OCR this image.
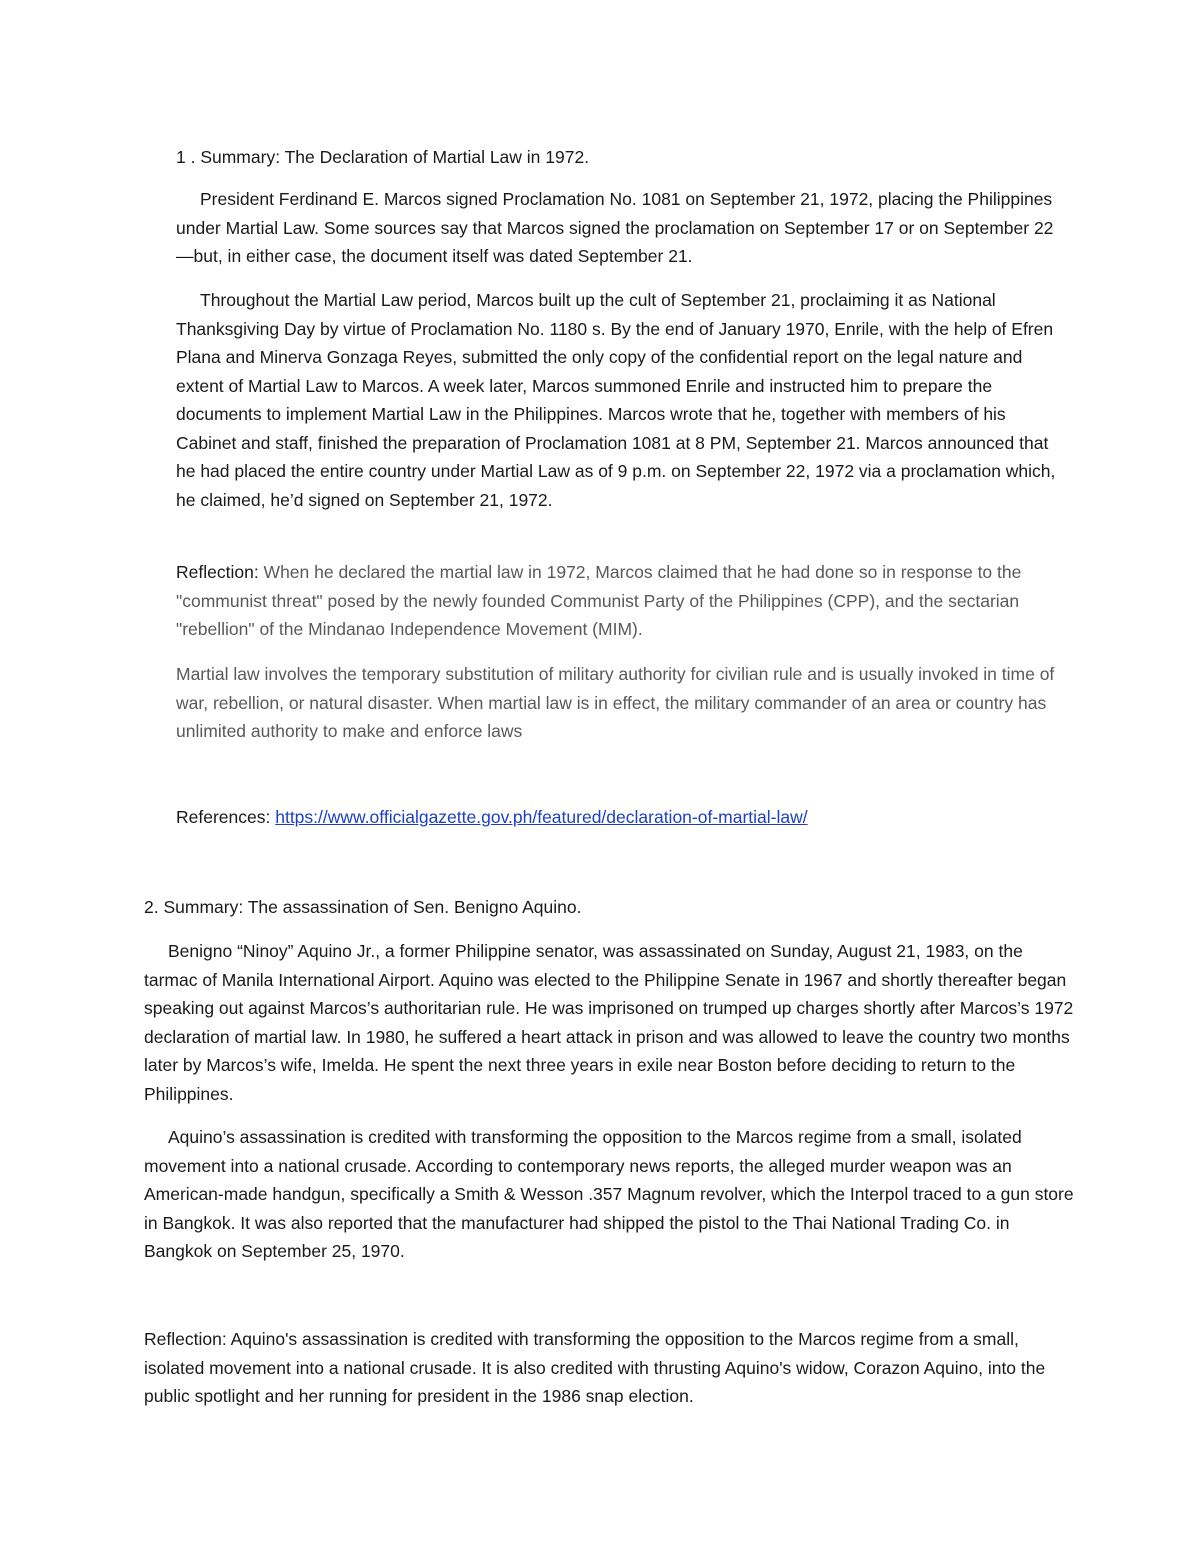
1 . Summary: The Declaration of Martial Law in 1972.

President Ferdinand E. Marcos signed Proclamation No. 1081 on September 21, 1972, placing the Philippines under Martial Law. Some sources say that Marcos signed the proclamation on September 17 or on September 22—but, in either case, the document itself was dated September 21.

Throughout the Martial Law period, Marcos built up the cult of September 21, proclaiming it as National Thanksgiving Day by virtue of Proclamation No. 1180 s. By the end of January 1970, Enrile, with the help of Efren Plana and Minerva Gonzaga Reyes, submitted the only copy of the confidential report on the legal nature and extent of Martial Law to Marcos. A week later, Marcos summoned Enrile and instructed him to prepare the documents to implement Martial Law in the Philippines. Marcos wrote that he, together with members of his Cabinet and staff, finished the preparation of Proclamation 1081 at 8 PM, September 21. Marcos announced that he had placed the entire country under Martial Law as of 9 p.m. on September 22, 1972 via a proclamation which, he claimed, he’d signed on September 21, 1972.

Reflection: When he declared the martial law in 1972, Marcos claimed that he had done so in response to the "communist threat" posed by the newly founded Communist Party of the Philippines (CPP), and the sectarian "rebellion" of the Mindanao Independence Movement (MIM).

Martial law involves the temporary substitution of military authority for civilian rule and is usually invoked in time of war, rebellion, or natural disaster. When martial law is in effect, the military commander of an area or country has unlimited authority to make and enforce laws

References: https://www.officialgazette.gov.ph/featured/declaration-of-martial-law/

2. Summary: The assassination of Sen. Benigno Aquino.

Benigno “Ninoy” Aquino Jr., a former Philippine senator, was assassinated on Sunday, August 21, 1983, on the tarmac of Manila International Airport. Aquino was elected to the Philippine Senate in 1967 and shortly thereafter began speaking out against Marcos’s authoritarian rule. He was imprisoned on trumped up charges shortly after Marcos’s 1972 declaration of martial law. In 1980, he suffered a heart attack in prison and was allowed to leave the country two months later by Marcos’s wife, Imelda. He spent the next three years in exile near Boston before deciding to return to the Philippines.

Aquino’s assassination is credited with transforming the opposition to the Marcos regime from a small, isolated movement into a national crusade. According to contemporary news reports, the alleged murder weapon was an American-made handgun, specifically a Smith & Wesson .357 Magnum revolver, which the Interpol traced to a gun store in Bangkok. It was also reported that the manufacturer had shipped the pistol to the Thai National Trading Co. in Bangkok on September 25, 1970.

Reflection: Aquino's assassination is credited with transforming the opposition to the Marcos regime from a small, isolated movement into a national crusade. It is also credited with thrusting Aquino's widow, Corazon Aquino, into the public spotlight and her running for president in the 1986 snap election.
